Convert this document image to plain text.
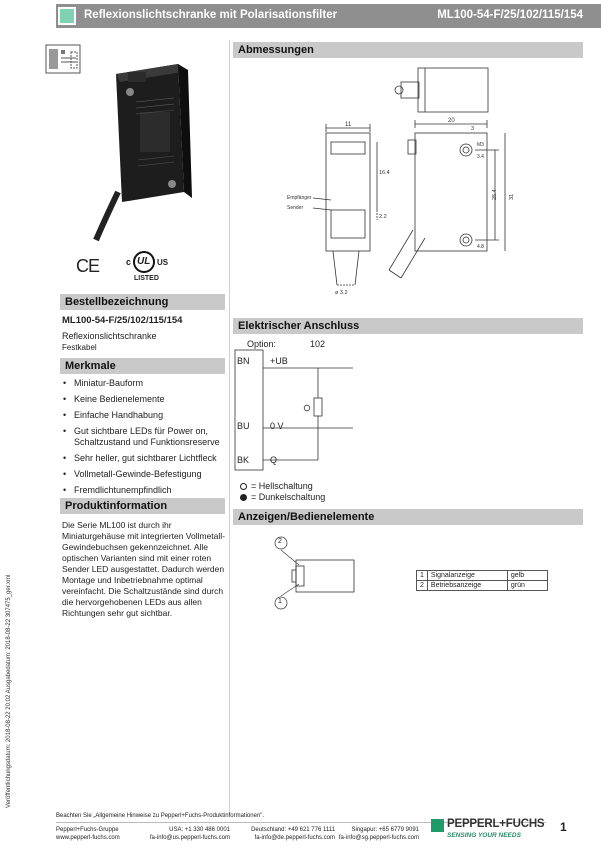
Reflexionslichtschranke mit Polarisationsfilter	ML100-54-F/25/102/115/154
CE	c UL US
LISTED
Bestellbezeichnung
ML100-54-F/25/102/115/154
Reflexionslichtschranke
Festkabel
Merkmale
• Miniatur-Bauform
• Keine Bedienelemente
• Einfache Handhabung
• Gut sichtbare LEDs für Power on, Schaltzustand und Funktionsreserve
• Sehr heller, gut sichtbarer Lichtfleck
• Vollmetall-Gewinde-Befestigung
• Fremdlichtunempfindlich
Produktinformation
Die Serie ML100 ist durch ihr Miniaturgehäuse mit integrierten Vollmetall-Gewindebuchsen gekennzeichnet. Alle optischen Varianten sind mit einer roten Sender LED ausgestattet. Dadurch werden Montage und Inbetriebnahme optimal vereinfacht. Die Schaltzustände sind durch die hervorgehobenen LEDs aus allen Richtungen sehr gut sichtbar.
Veröffentlichungsdatum: 2018-08-22 20:02 Ausgabedatum: 2018-08-22 307475_ger.xml
Abmessungen
11
16.4
2.2
Empfänger
Sender
ø 3.2
20
3
25.4 31
M3
3.4
4.8
Elektrischer Anschluss
Option:	102
BN +UB
BU 0 V
BK Q
= Hellschaltung
= Dunkelschaltung
Anzeigen/Bedienelemente
2
1
1	Signalanzeige	gelb
2	Betriebsanzeige	grün
Beachten Sie „Allgemeine Hinweise zu Pepperl+Fuchs-Produktinformationen".
Pepperl+Fuchs-Gruppe
www.pepperl-fuchs.com
USA: +1 330 486 0001
fa-info@us.pepperl-fuchs.com
Deutschland: +49 621 776 1111
fa-info@de.pepperl-fuchs.com
Singapur: +65 6779 9091
fa-info@sg.pepperl-fuchs.com
PEPPERL+FUCHS
SENSING YOUR NEEDS
1
